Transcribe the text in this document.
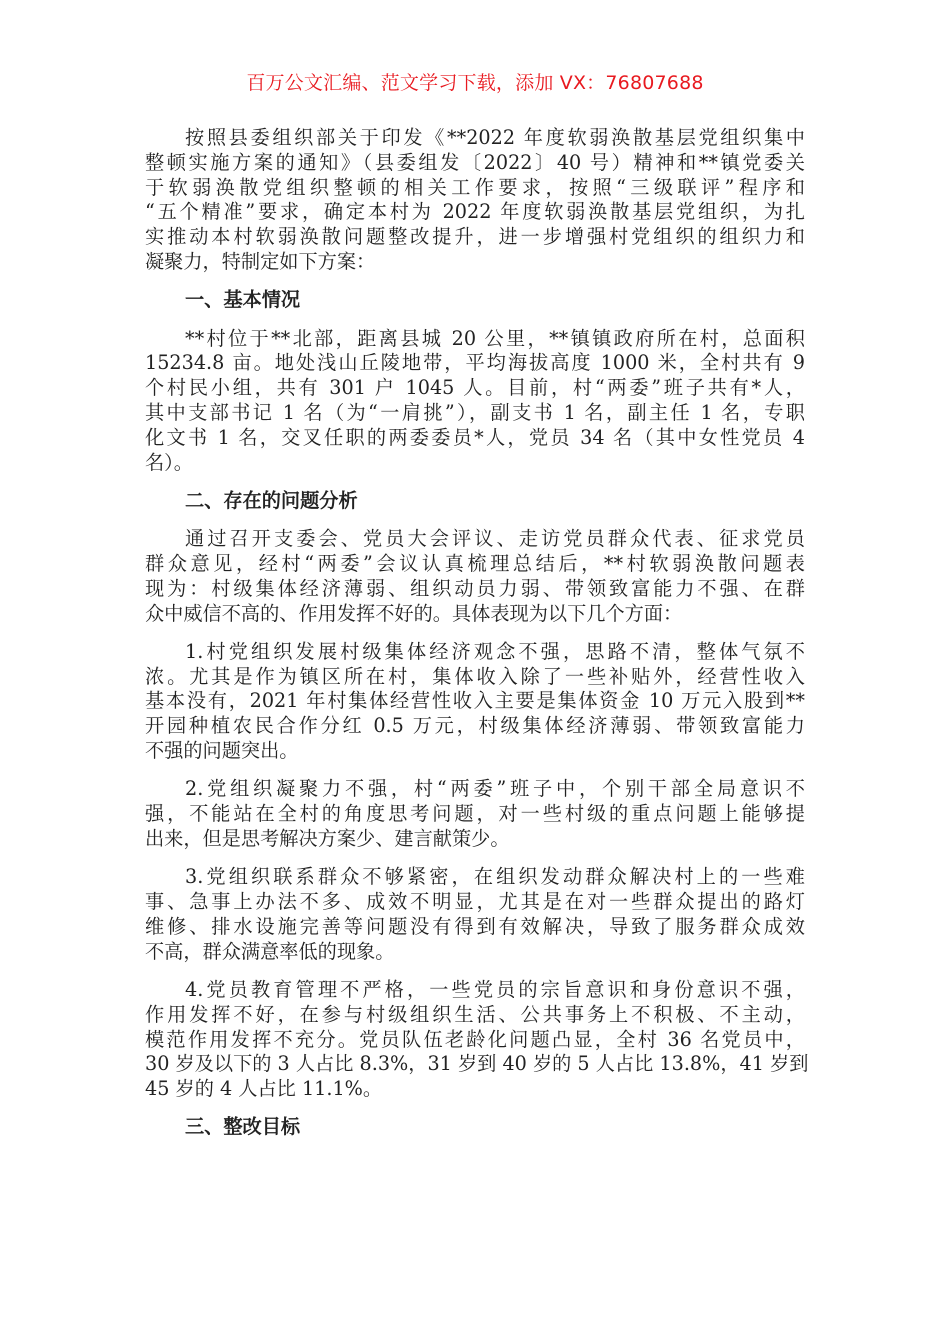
百万公文汇编、范文学习下载，添加 VX：76807688
按照县委组织部关于印发《**2022 年度软弱涣散基层党组织集中
整顿实施方案的通知》（县委组发〔2022〕40 号）精神和**镇党委关
于软弱涣散党组织整顿的相关工作要求，按照“三级联评”程序和
“五个精准”要求，确定本村为 2022 年度软弱涣散基层党组织，为扎
实推动本村软弱涣散问题整改提升，进一步增强村党组织的组织力和
凝聚力，特制定如下方案：
一、基本情况
**村位于**北部，距离县城 20 公里，**镇镇政府所在村，总面积
15234.8 亩。地处浅山丘陵地带，平均海拔高度 1000 米，全村共有 9
个村民小组，共有 301 户 1045 人。目前，村“两委”班子共有*人，
其中支部书记 1 名（为“一肩挑”），副支书 1 名，副主任 1 名，专职
化文书 1 名，交叉任职的两委委员*人，党员 34 名（其中女性党员 4
名）。
二、存在的问题分析
通过召开支委会、党员大会评议、走访党员群众代表、征求党员
群众意见，经村“两委”会议认真梳理总结后，**村软弱涣散问题表
现为：村级集体经济薄弱、组织动员力弱、带领致富能力不强、在群
众中威信不高的、作用发挥不好的。具体表现为以下几个方面：
1.村党组织发展村级集体经济观念不强，思路不清，整体气氛不
浓。尤其是作为镇区所在村，集体收入除了一些补贴外，经营性收入
基本没有，2021 年村集体经营性收入主要是集体资金 10 万元入股到**
开园种植农民合作分红 0.5 万元，村级集体经济薄弱、带领致富能力
不强的问题突出。
2.党组织凝聚力不强，村“两委”班子中，个别干部全局意识不
强，不能站在全村的角度思考问题，对一些村级的重点问题上能够提
出来，但是思考解决方案少、建言献策少。
3.党组织联系群众不够紧密，在组织发动群众解决村上的一些难
事、急事上办法不多、成效不明显，尤其是在对一些群众提出的路灯
维修、排水设施完善等问题没有得到有效解决，导致了服务群众成效
不高，群众满意率低的现象。
4.党员教育管理不严格，一些党员的宗旨意识和身份意识不强，
作用发挥不好，在参与村级组织生活、公共事务上不积极、不主动，
模范作用发挥不充分。党员队伍老龄化问题凸显，全村 36 名党员中，
30 岁及以下的 3 人占比 8.3%，31 岁到 40 岁的 5 人占比 13.8%，41 岁到
45 岁的 4 人占比 11.1%。
三、整改目标
